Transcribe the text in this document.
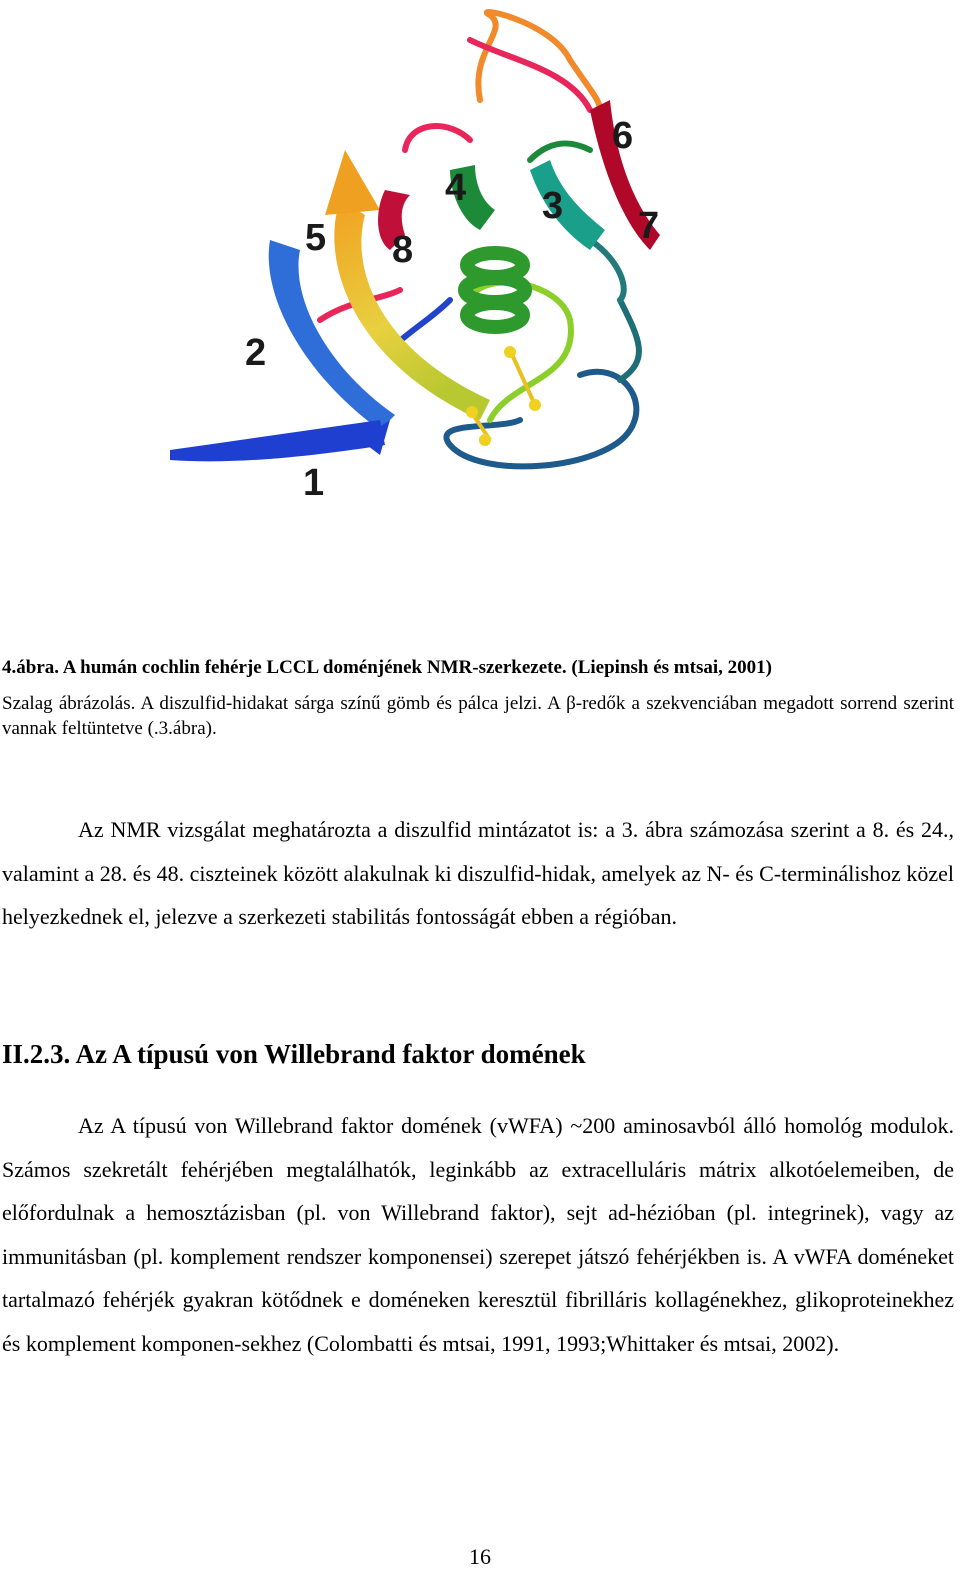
1
2
3
4
5
6
7
8
4.ábra. A humán cochlin fehérje LCCL doménjének NMR-szerkezete. (Liepinsh és mtsai, 2001)
Szalag ábrázolás. A diszulfid-hidakat sárga színű gömb és pálca jelzi. A β-redők a szekvenciában megadott sorrend szerint vannak feltüntetve (.3.ábra).
Az NMR vizsgálat meghatározta a diszulfid mintázatot is: a 3. ábra számozása szerint a 8. és 24., valamint a 28. és 48. ciszteinek között alakulnak ki diszulfid-hidak, amelyek az N- és C-terminálishoz közel helyezkednek el, jelezve a szerkezeti stabilitás fontosságát ebben a régióban.
II.2.3. Az A típusú von Willebrand faktor domének
Az A típusú von Willebrand faktor domének (vWFA) ~200 aminosavból álló homológ modulok. Számos szekretált fehérjében megtalálhatók, leginkább az extracelluláris mátrix alkotóelemeiben, de előfordulnak a hemosztázisban (pl. von Willebrand faktor), sejt ad-hézióban (pl. integrinek), vagy az immunitásban (pl. komplement rendszer komponensei) szerepet játszó fehérjékben is. A vWFA doméneket tartalmazó fehérjék gyakran kötődnek e doméneken keresztül fibrilláris kollagénekhez, glikoproteinekhez és komplement komponen-sekhez (Colombatti és mtsai, 1991, 1993;Whittaker és mtsai, 2002).
16
